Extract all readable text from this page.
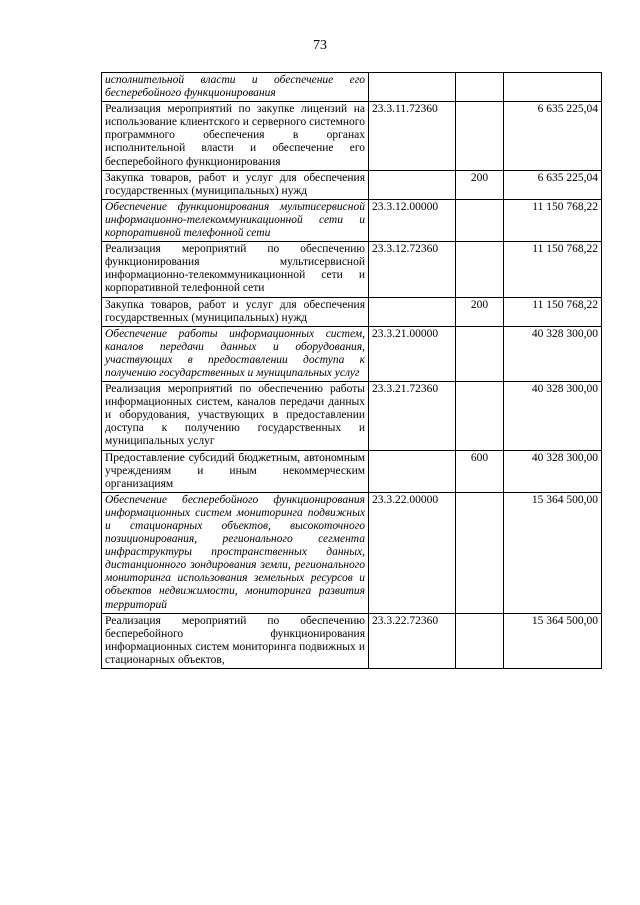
73
исполнительной власти и обеспечение его бесперебойного функционирования			
Реализация мероприятий по закупке лицензий на использование клиентского и серверного системного программного обеспечения в органах исполнительной власти и обеспечение его бесперебойного функционирования	23.3.11.72360		6 635 225,04
Закупка товаров, работ и услуг для обеспечения государственных (муниципальных) нужд		200	6 635 225,04
Обеспечение функционирования мультисервисной информационно-телекоммуникационной сети и корпоративной телефонной сети	23.3.12.00000		11 150 768,22
Реализация мероприятий по обеспечению функционирования мультисервисной информационно-телекоммуникационной сети и корпоративной телефонной сети	23.3.12.72360		11 150 768,22
Закупка товаров, работ и услуг для обеспечения государственных (муниципальных) нужд		200	11 150 768,22
Обеспечение работы информационных систем, каналов передачи данных и оборудования, участвующих в предоставлении доступа к получению государственных и муниципальных услуг	23.3.21.00000		40 328 300,00
Реализация мероприятий по обеспечению работы информационных систем, каналов передачи данных и оборудования, участвующих в предоставлении доступа к получению государственных и муниципальных услуг	23.3.21.72360		40 328 300,00
Предоставление субсидий бюджетным, автономным учреждениям и иным некоммерческим организациям		600	40 328 300,00
Обеспечение бесперебойного функционирования информационных систем мониторинга подвижных и стационарных объектов, высокоточного позиционирования, регионального сегмента инфраструктуры пространственных данных, дистанционного зондирования земли, регионального мониторинга использования земельных ресурсов и объектов недвижимости, мониторинга развития территорий	23.3.22.00000		15 364 500,00
Реализация мероприятий по обеспечению бесперебойного функционирования информационных систем мониторинга подвижных и стационарных объектов,	23.3.22.72360		15 364 500,00
